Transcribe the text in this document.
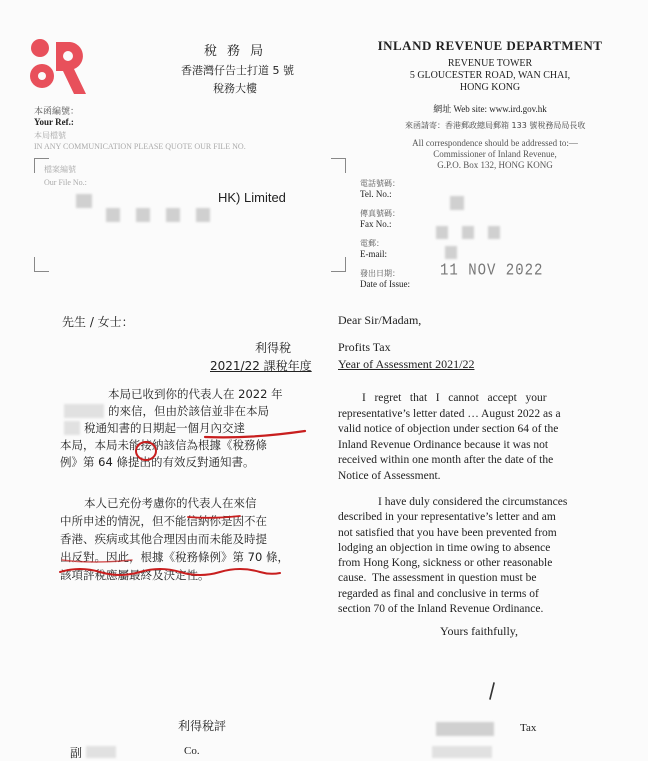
稅 務 局
香港灣仔告士打道 5 號
稅務大樓
INLAND REVENUE DEPARTMENT
REVENUE TOWER
5 GLOUCESTER ROAD, WAN CHAI,
HONG KONG
網址 Web site: www.ird.gov.hk
來函請寄：香港郵政總局郵箱 133 號稅務局局長收
All correspondence should be addressed to:—
Commissioner of Inland Revenue,
G.P.O. Box 132, HONG KONG
本函編號：
Your Ref.:
本局檔號
IN ANY COMMUNICATION PLEASE QUOTE OUR FILE NO.
檔案編號
Our File No.:
HK) Limited
電話號碼：
Tel. No.:
傳真號碼：
Fax No.:
電郵：
E-mail:
發出日期：
Date of Issue:
11 NOV 2022
先生 / 女士：	Dear Sir/Madam,
利得稅
2021/22 課稅年度
Profits Tax
Year of Assessment 2021/22
本局已收到你的代表人在 2022 年
的來信，但由於該信並非在本局
稅通知書的日期起一個月內交達
本局，本局未能接納該信為根據《稅務條
例》第 64 條提出的有效反對通知書。
本人已充份考慮你的代表人在來信
中所申述的情況，但不能信納你是因不在
香港、疾病或其他合理因由而未能及時提
出反對。因此，根據《稅務條例》第 70 條，
該項評稅應屬最終及決定性。
I   regret   that   I   cannot   accept   your
representative’s letter dated … August 2022 as a
valid notice of objection under section 64 of the
Inland Revenue Ordinance because it was not
received within one month after the date of the
Notice of Assessment.
I have duly considered the circumstances
described in your representative’s letter and am
not satisfied that you have been prevented from
lodging an objection in time owing to absence
from Hong Kong, sickness or other reasonable
cause.  The assessment in question must be
regarded as final and conclusive in terms of
section 70 of the Inland Revenue Ordinance.
Yours faithfully,
利得稅評	Tax
副	Co.
